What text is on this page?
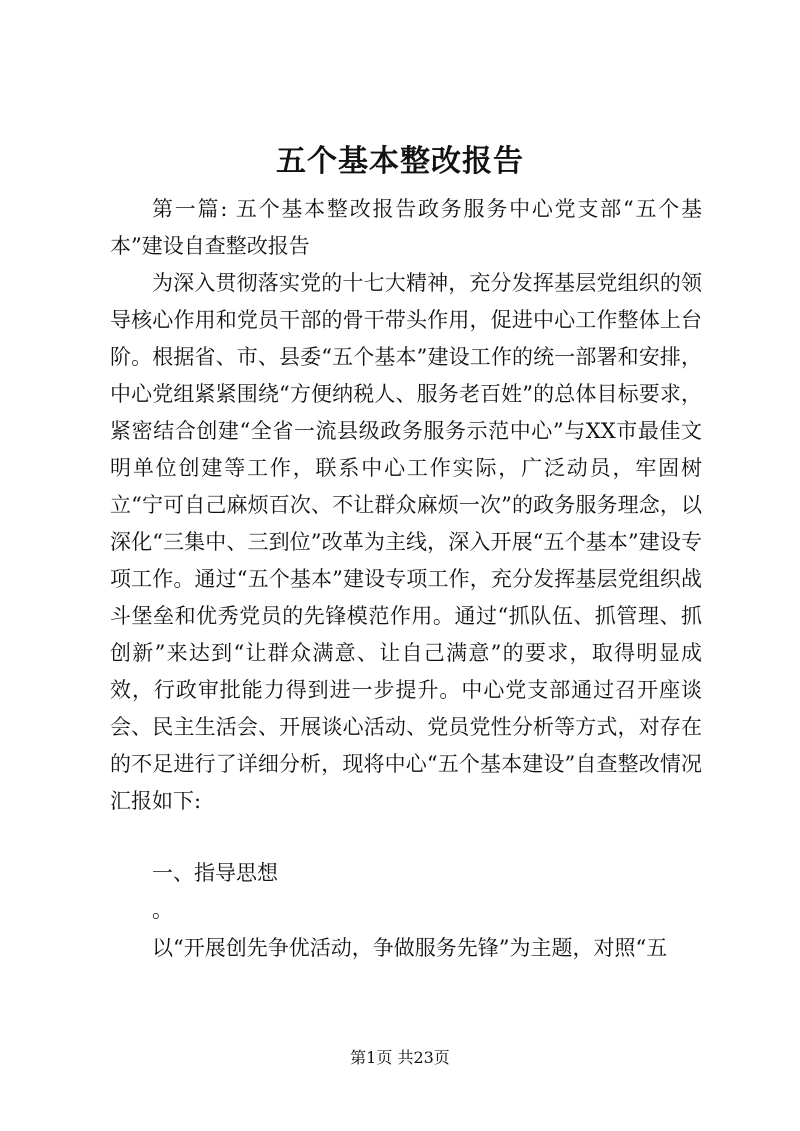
五个基本整改报告

第一篇: 五个基本整改报告政务服务中心党支部“五个基本”建设自查整改报告

为深入贯彻落实党的十七大精神，充分发挥基层党组织的领导核心作用和党员干部的骨干带头作用，促进中心工作整体上台阶。根据省、市、县委“五个基本”建设工作的统一部署和安排，中心党组紧紧围绕“方便纳税人、服务老百姓”的总体目标要求，紧密结合创建“全省一流县级政务服务示范中心”与XX市最佳文明单位创建等工作，联系中心工作实际，广泛动员，牢固树立“宁可自己麻烦百次、不让群众麻烦一次”的政务服务理念，以深化“三集中、三到位”改革为主线，深入开展“五个基本”建设专项工作。通过“五个基本”建设专项工作，充分发挥基层党组织战斗堡垒和优秀党员的先锋模范作用。通过“抓队伍、抓管理、抓创新”来达到“让群众满意、让自己满意”的要求，取得明显成效，行政审批能力得到进一步提升。中心党支部通过召开座谈会、民主生活会、开展谈心活动、党员党性分析等方式，对存在的不足进行了详细分析，现将中心“五个基本建设”自查整改情况汇报如下:

一、指导思想

。

以“开展创先争优活动，争做服务先锋”为主题，对照“五

第1页 共23页
